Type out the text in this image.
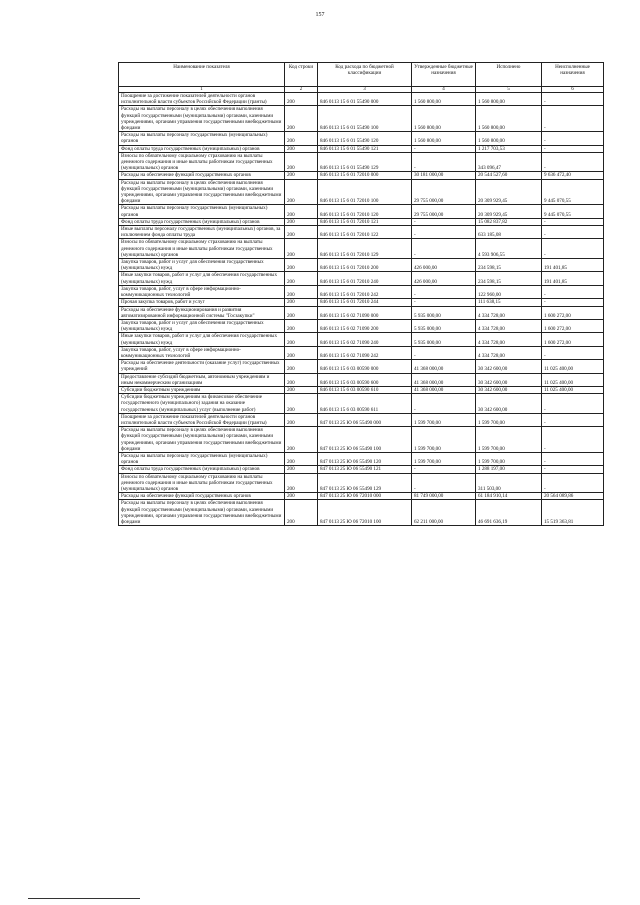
157
Наименование показателя	Код строки	Код расхода по бюджетной классификации	Утвержденные бюджетные назначения	Исполнено	Неисполненные назначения
1	2	3	4	5	6
Поощрение за достижение показателей деятельности органов исполнительной власти субъектов Российской Федерации (гранты)	200	846 0113 15 6 01 55490 000	1 560 800,00	1 560 800,00	-
Расходы на выплаты персоналу в целях обеспечения выполнения функций государственными (муниципальными) органами, казенными учреждениями, органами управления государственными внебюджетными фондами	200	846 0113 15 6 01 55490 100	1 560 800,00	1 560 800,00	-
Расходы на выплаты персоналу государственных (муниципальных) органов	200	846 0113 15 6 01 55490 120	1 560 800,00	1 560 800,00	-
Фонд оплаты труда государственных (муниципальных) органов	200	846 0113 15 6 01 55490 121	-	1 217 703,53	-
Взносы по обязательному социальному страхованию на выплаты денежного содержания и иные выплаты работникам государственных (муниципальных) органов	200	846 0113 15 6 01 55490 129	-	343 096,47	-
Расходы на обеспечение функций государственных органов	200	846 0113 15 6 01 72010 000	30 181 000,00	20 544 527,60	9 636 472,40
Расходы на выплаты персоналу в целях обеспечения выполнения функций государственными (муниципальными) органами, казенными учреждениями, органами управления государственными внебюджетными фондами	200	846 0113 15 6 01 72010 100	29 755 000,00	20 309 929,45	9 445 070,55
Расходы на выплаты персоналу государственных (муниципальных) органов	200	846 0113 15 6 01 72010 120	29 755 000,00	20 309 929,45	9 445 070,55
Фонд оплаты труда государственных (муниципальных) органов	200	846 0113 15 6 01 72010 121	-	15 082 837,82	-
Иные выплаты персоналу государственных (муниципальных) органов, за исключением фонда оплаты труда	200	846 0113 15 6 01 72010 122	-	633 185,08	-
Взносы по обязательному социальному страхованию на выплаты денежного содержания и иные выплаты работникам государственных (муниципальных) органов	200	846 0113 15 6 01 72010 129	-	4 593 906,55	-
Закупка товаров, работ и услуг для обеспечения государственных (муниципальных) нужд	200	846 0113 15 6 01 72010 200	426 000,00	234 598,15	191 401,85
Иные закупки товаров, работ и услуг для обеспечения государственных (муниципальных) нужд	200	846 0113 15 6 01 72010 240	426 000,00	234 598,15	191 401,85
Закупка товаров, работ, услуг в сфере информационно-коммуникационных технологий	200	846 0113 15 6 01 72010 242	-	122 960,00	-
Прочая закупка товаров, работ и услуг	200	846 0113 15 6 01 72010 244	-	111 638,15	-
Расходы на обеспечение функционирования и развития автоматизированной информационной системы "Госзакупки"	200	846 0113 15 6 02 71090 000	5 935 000,00	4 334 728,00	1 600 272,00
Закупка товаров, работ и услуг для обеспечения государственных (муниципальных) нужд	200	846 0113 15 6 02 71090 200	5 935 000,00	4 334 728,00	1 600 272,00
Иные закупки товаров, работ и услуг для обеспечения государственных (муниципальных) нужд	200	846 0113 15 6 02 71090 240	5 935 000,00	4 334 728,00	1 600 272,00
Закупка товаров, работ, услуг в сфере информационно-коммуникационных технологий	200	846 0113 15 6 02 71090 242	-	4 334 728,00	-
Расходы на обеспечение деятельности (оказание услуг) государственных учреждений	200	846 0113 15 6 03 00590 000	41 368 000,00	30 342 600,00	11 025 400,00
Предоставление субсидий бюджетным, автономным учреждениям и иным некоммерческим организациям	200	846 0113 15 6 03 00590 600	41 368 000,00	30 342 600,00	11 025 400,00
Субсидии бюджетным учреждениям	200	846 0113 15 6 03 00590 610	41 368 000,00	30 342 600,00	11 025 400,00
Субсидии бюджетным учреждениям на финансовое обеспечение государственного (муниципального) задания на оказание государственных (муниципальных) услуг (выполнение работ)	200	846 0113 15 6 03 00590 611	-	30 342 600,00	-
Поощрение за достижение показателей деятельности органов исполнительной власти субъектов Российской Федерации (гранты)	200	847 0113 25 Ю 06 55490 000	1 599 700,00	1 599 700,00	-
Расходы на выплаты персоналу в целях обеспечения выполнения функций государственными (муниципальными) органами, казенными учреждениями, органами управления государственными внебюджетными фондами	200	847 0113 25 Ю 06 55490 100	1 599 700,00	1 599 700,00	-
Расходы на выплаты персоналу государственных (муниципальных) органов	200	847 0113 25 Ю 06 55490 120	1 599 700,00	1 599 700,00	-
Фонд оплаты труда государственных (муниципальных) органов	200	847 0113 25 Ю 06 55490 121	-	1 288 197,00	-
Взносы по обязательному социальному страхованию на выплаты денежного содержания и иные выплаты работникам государственных (муниципальных) органов	200	847 0113 25 Ю 06 55490 129	-	311 503,00	-
Расходы на обеспечение функций государственных органов	200	847 0113 25 Ю 06 72010 000	81 749 000,00	61 184 910,14	20 564 089,86
Расходы на выплаты персоналу в целях обеспечения выполнения функций государственными (муниципальными) органами, казенными учреждениями, органами управления государственными внебюджетными фондами	200	847 0113 25 Ю 06 72010 100	62 211 000,00	46 691 636,19	15 519 363,81
